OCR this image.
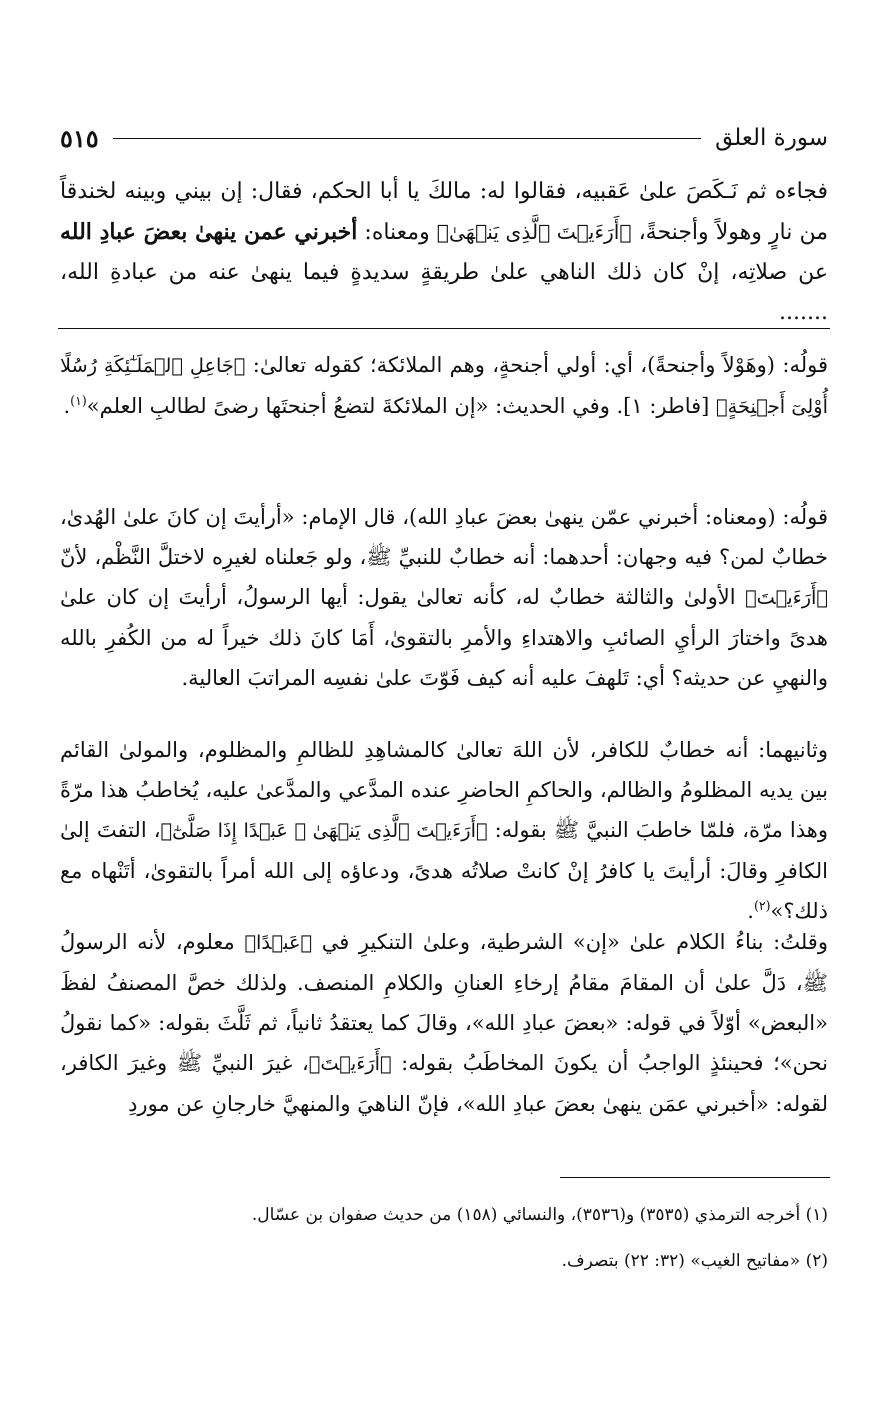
سورة العلق
٥١٥
فجاءه ثم نَـكَصَ علىٰ عَقبيه، فقالوا له: مالكَ يا أبا الحكم، فقال: إن بيني وبينه لخندقاً من نارٍ وهولاً وأجنحةً، ﴿أَرَءَيۡتَ ٱلَّذِى يَنۡهَىٰ﴾ ومعناه: أخبرني عمن ينهىٰ بعضَ عبادِ الله عن صلاتِه، إنْ كان ذلك الناهي علىٰ طريقةٍ سديدةٍ فيما ينهىٰ عنه من عبادةِ الله، .......
قولُه: (وهَوْلاً وأجنحةً)، أي: أولي أجنحةٍ، وهم الملائكة؛ كقوله تعالىٰ: ﴿جَاعِلِ ٱلۡمَلَـٰٓئِكَةِ رُسُلًا أُوْلِىٓ أَجۡنِحَةٍ﴾ [فاطر: ١]. وفي الحديث: «إن الملائكةَ لتضعُ أجنحتَها رضىً لطالبِ العلم»$^{(١)}$.
قولُه: (ومعناه: أخبرني عمّن ينهىٰ بعضَ عبادِ الله)، قال الإمام: «أرأيتَ إن كانَ علىٰ الهُدىٰ، خطابٌ لمن؟ فيه وجهان: أحدهما: أنه خطابٌ للنبيِّ ﷺ، ولو جَعلناه لغيرِه لاختلَّ النَّظْم، لأنّ ﴿أَرَءَيۡتَ﴾ الأولىٰ والثالثة خطابٌ له، كأنه تعالىٰ يقول: أيها الرسولُ، أرأيتَ إن كان علىٰ هدىً واختارَ الرأيِ الصائبِ والاهتداءِ والأمرِ بالتقوىٰ، أَمَا كانَ ذلك خيراً له من الكُفرِ بالله والنهيِ عن حديثه؟ أي: تَلهفَ عليه أنه كيف فَوّتَ علىٰ نفسِه المراتبَ العالية.
وثانيهما: أنه خطابٌ للكافر، لأن اللهَ تعالىٰ كالمشاهِدِ للظالمِ والمظلوم، والمولىٰ القائم بين يديه المظلومُ والظالم، والحاكمِ الحاضرِ عنده المدَّعي والمدَّعىٰ عليه، يُخاطبُ هذا مرّةً وهذا مرّة، فلمّا خاطبَ النبيَّ ﷺ بقوله: ﴿أَرَءَيۡتَ ٱلَّذِى يَنۡهَىٰ ۞ عَبۡدًا إِذَا صَلَّىٰٓ﴾، التفتَ إلىٰ الكافرِ وقالَ: أرأيتَ يا كافرُ إنْ كانتْ صلاتُه هدىً، ودعاؤه إلى الله أمراً بالتقوىٰ، أتَنْهاه مع ذلك؟»$^{(٢)}$.
وقلتُ: بناءُ الكلام علىٰ «إن» الشرطية، وعلىٰ التنكيرِ في ﴿عَبۡدًا﴾ معلوم، لأنه الرسولُ ﷺ، دَلَّ علىٰ أن المقامَ مقامُ إرخاءِ العنانِ والكلامِ المنصف. ولذلك خصَّ المصنفُ لفظَ «البعض» أوّلاً في قوله: «بعضَ عبادِ الله»، وقالَ كما يعتقدُ ثانياً، ثم ثَلَّثَ بقوله: «كما نقولُ نحن»؛ فحينئذٍ الواجبُ أن يكونَ المخاطَبُ بقوله: ﴿أَرَءَيۡتَ﴾، غيرَ النبيِّ ﷺ وغيرَ الكافر، لقوله: «أخبرني عمَن ينهىٰ بعضَ عبادِ الله»، فإنّ الناهيَ والمنهيَّ خارجانِ عن موردِ
(١) أخرجه الترمذي (٣٥٣٥) و(٣٥٣٦)، والنسائي (١٥٨) من حديث صفوان بن عسّال.
(٢) «مفاتيح الغيب» (٣٢: ٢٢) بتصرف.
